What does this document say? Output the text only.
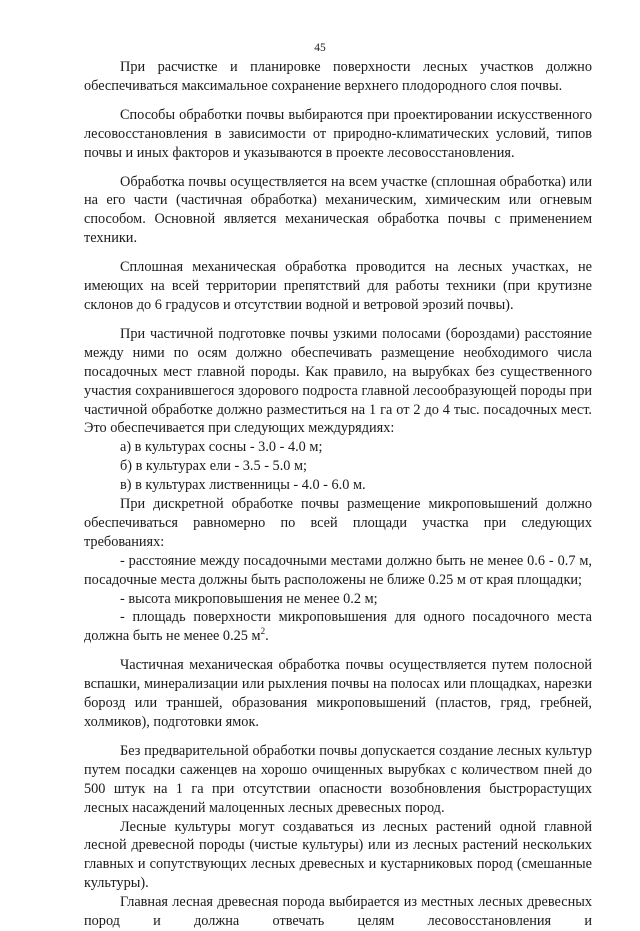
45

При расчистке и планировке поверхности лесных участков должно обеспечиваться максимальное сохранение верхнего плодородного слоя почвы.

Способы обработки почвы выбираются при проектировании искусственного лесовосстановления в зависимости от природно-климатических условий, типов почвы и иных факторов и указываются в проекте лесовосстановления.

Обработка почвы осуществляется на всем участке (сплошная обработка) или на его части (частичная обработка) механическим, химическим или огневым способом. Основной является механическая обработка почвы с применением техники.

Сплошная механическая обработка проводится на лесных участках, не имеющих на всей территории препятствий для работы техники (при крутизне склонов до 6 градусов и отсутствии водной и ветровой эрозий почвы).

При частичной подготовке почвы узкими полосами (бороздами) расстояние между ними по осям должно обеспечивать размещение необходимого числа посадочных мест главной породы. Как правило, на вырубках без существенного участия сохранившегося здорового подроста главной лесообразующей породы при частичной обработке должно разместиться на 1 га от 2 до 4 тыс. посадочных мест. Это обеспечивается при следующих междурядиях:

а) в культурах сосны - 3.0 - 4.0 м;

б) в культурах ели - 3.5 - 5.0 м;

в) в культурах лиственницы - 4.0 - 6.0 м.

При дискретной обработке почвы размещение микроповышений должно обеспечиваться равномерно по всей площади участка при следующих требованиях:

- расстояние между посадочными местами должно быть не менее 0.6 - 0.7 м, посадочные места должны быть расположены не ближе 0.25 м от края площадки;

- высота микроповышения не менее 0.2 м;

- площадь поверхности микроповышения для одного посадочного места должна быть не менее 0.25 $м^2$.

Частичная механическая обработка почвы осуществляется путем полосной вспашки, минерализации или рыхления почвы на полосах или площадках, нарезки борозд или траншей, образования микроповышений (пластов, гряд, гребней, холмиков), подготовки ямок.

Без предварительной обработки почвы допускается создание лесных культур путем посадки саженцев на хорошо очищенных вырубках с количеством пней до 500 штук на 1 га при отсутствии опасности возобновления быстрорастущих лесных насаждений малоценных лесных древесных пород.

Лесные культуры могут создаваться из лесных растений одной главной лесной древесной породы (чистые культуры) или из лесных растений нескольких главных и сопутствующих лесных древесных и кустарниковых пород (смешанные культуры).

Главная лесная древесная порода выбирается из местных лесных древесных пород и должна отвечать целям лесовосстановления и
